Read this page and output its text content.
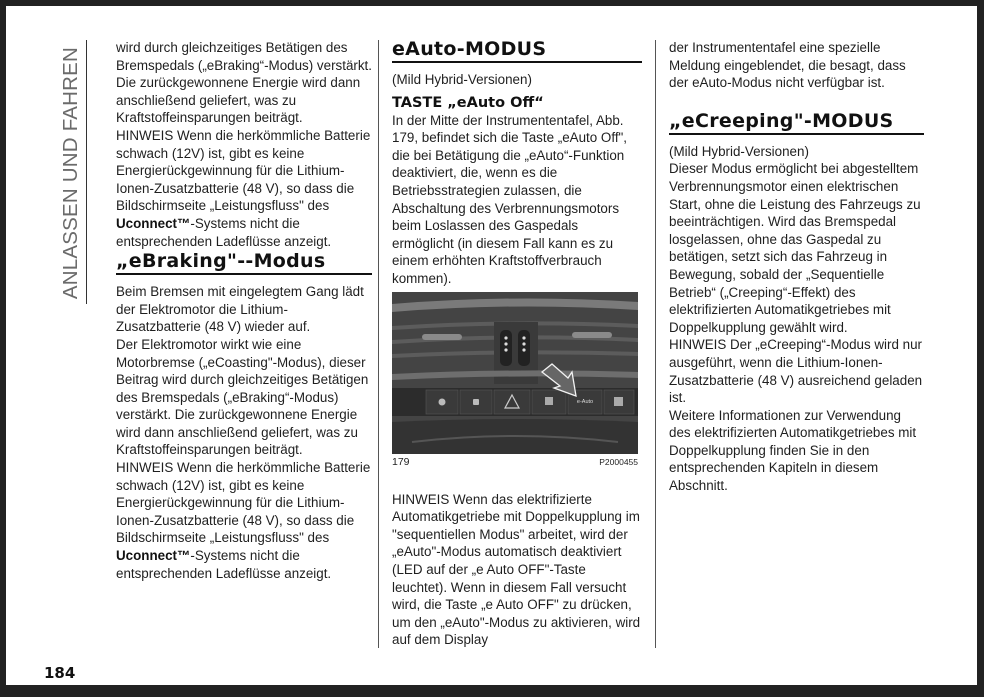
ANLASSEN UND FAHREN	wird durch gleichzeitiges Betätigen des Bremspedals („eBraking“-Modus) verstärkt. Die zurückgewonnene Energie wird dann anschließend geliefert, was zu Kraftstoffeinsparungen beiträgt.

HINWEIS Wenn die herkömmliche Batterie schwach (12V) ist, gibt es keine Energierückgewinnung für die Lithium-Ionen-Zusatzbatterie (48 V), so dass die Bildschirmseite „Leistungsfluss" des Uconnect™-Systems nicht die entsprechenden Ladeflüsse anzeigt.

„eBraking"--Modus

Beim Bremsen mit eingelegtem Gang lädt der Elektromotor die Lithium-Zusatzbatterie (48 V) wieder auf.

Der Elektromotor wirkt wie eine Motorbremse („eCoasting"-Modus), dieser Beitrag wird durch gleichzeitiges Betätigen des Bremspedals („eBraking“-Modus) verstärkt. Die zurückgewonnene Energie wird dann anschließend geliefert, was zu Kraftstoffeinsparungen beiträgt.

HINWEIS Wenn die herkömmliche Batterie schwach (12V) ist, gibt es keine Energierückgewinnung für die Lithium-Ionen-Zusatzbatterie (48 V), so dass die Bildschirmseite „Leistungsfluss" des Uconnect™-Systems nicht die entsprechenden Ladeflüsse anzeigt.

eAuto-MODUS

(Mild Hybrid-Versionen)

TASTE „eAuto Off“

In der Mitte der Instrumententafel, Abb. 179, befindet sich die Taste „eAuto Off", die bei Betätigung die „eAuto“-Funktion deaktiviert, die, wenn es die Betriebsstrategien zulassen, die Abschaltung des Verbrennungsmotors beim Loslassen des Gaspedals ermöglicht (in diesem Fall kann es zu einem erhöhten Kraftstoffverbrauch kommen).

e-Auto
179	P2000455

HINWEIS Wenn das elektrifizierte Automatikgetriebe mit Doppelkupplung im "sequentiellen Modus" arbeitet, wird der „eAuto"-Modus automatisch deaktiviert (LED auf der „e Auto OFF"-Taste leuchtet). Wenn in diesem Fall versucht wird, die Taste „e Auto OFF" zu drücken, um den „eAuto"-Modus zu aktivieren, wird auf dem Display

der Instrumententafel eine spezielle Meldung eingeblendet, die besagt, dass der eAuto-Modus nicht verfügbar ist.

„eCreeping"-MODUS

(Mild Hybrid-Versionen)

Dieser Modus ermöglicht bei abgestelltem Verbrennungsmotor einen elektrischen Start, ohne die Leistung des Fahrzeugs zu beeinträchtigen. Wird das Bremspedal losgelassen, ohne das Gaspedal zu betätigen, setzt sich das Fahrzeug in Bewegung, sobald der „Sequentielle Betrieb“ („Creeping“-Effekt) des elektrifizierten Automatikgetriebes mit Doppelkupplung gewählt wird.

HINWEIS Der „eCreeping“-Modus wird nur ausgeführt, wenn die Lithium-Ionen-Zusatzbatterie (48 V) ausreichend geladen ist.

Weitere Informationen zur Verwendung des elektrifizierten Automatikgetriebes mit Doppelkupplung finden Sie in den entsprechenden Kapiteln in diesem Abschnitt.

184
